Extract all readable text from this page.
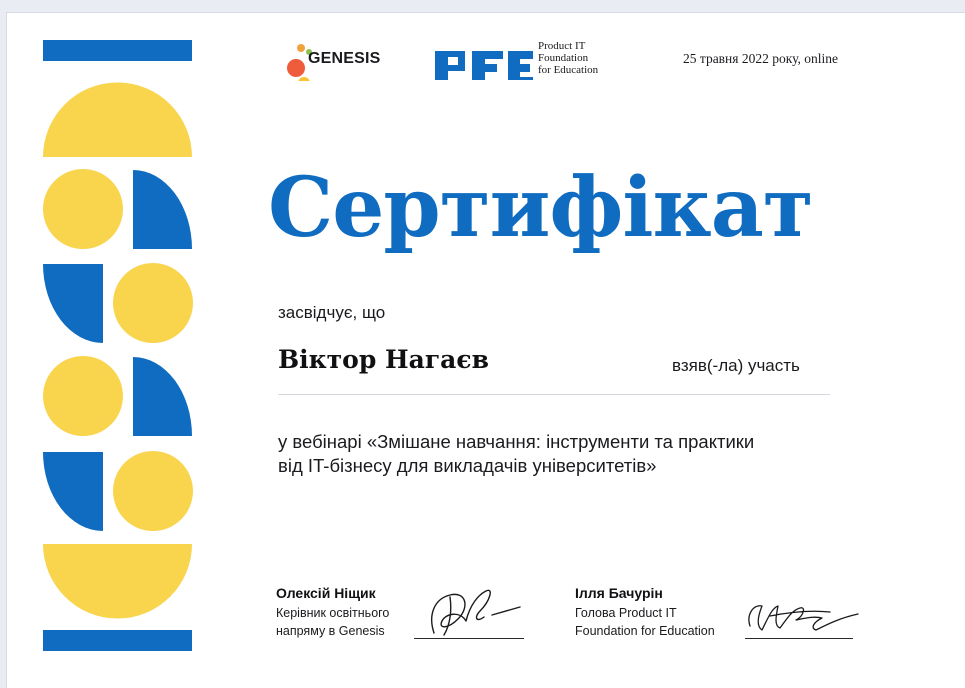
GENESIS
Product IT
Foundation
for Education
25 травня 2022 року, online
Сертифікат
засвідчує, що
Віктор Нагаєв	взяв(-ла) участь
у вебінарі «Змішане навчання: інструменти та практики
від IT-бізнесу для викладачів університетів»
Олексій Ніщик
Керівник освітнього
напряму в Genesis
Ілля Бачурін
Голова Product IT
Foundation for Education
